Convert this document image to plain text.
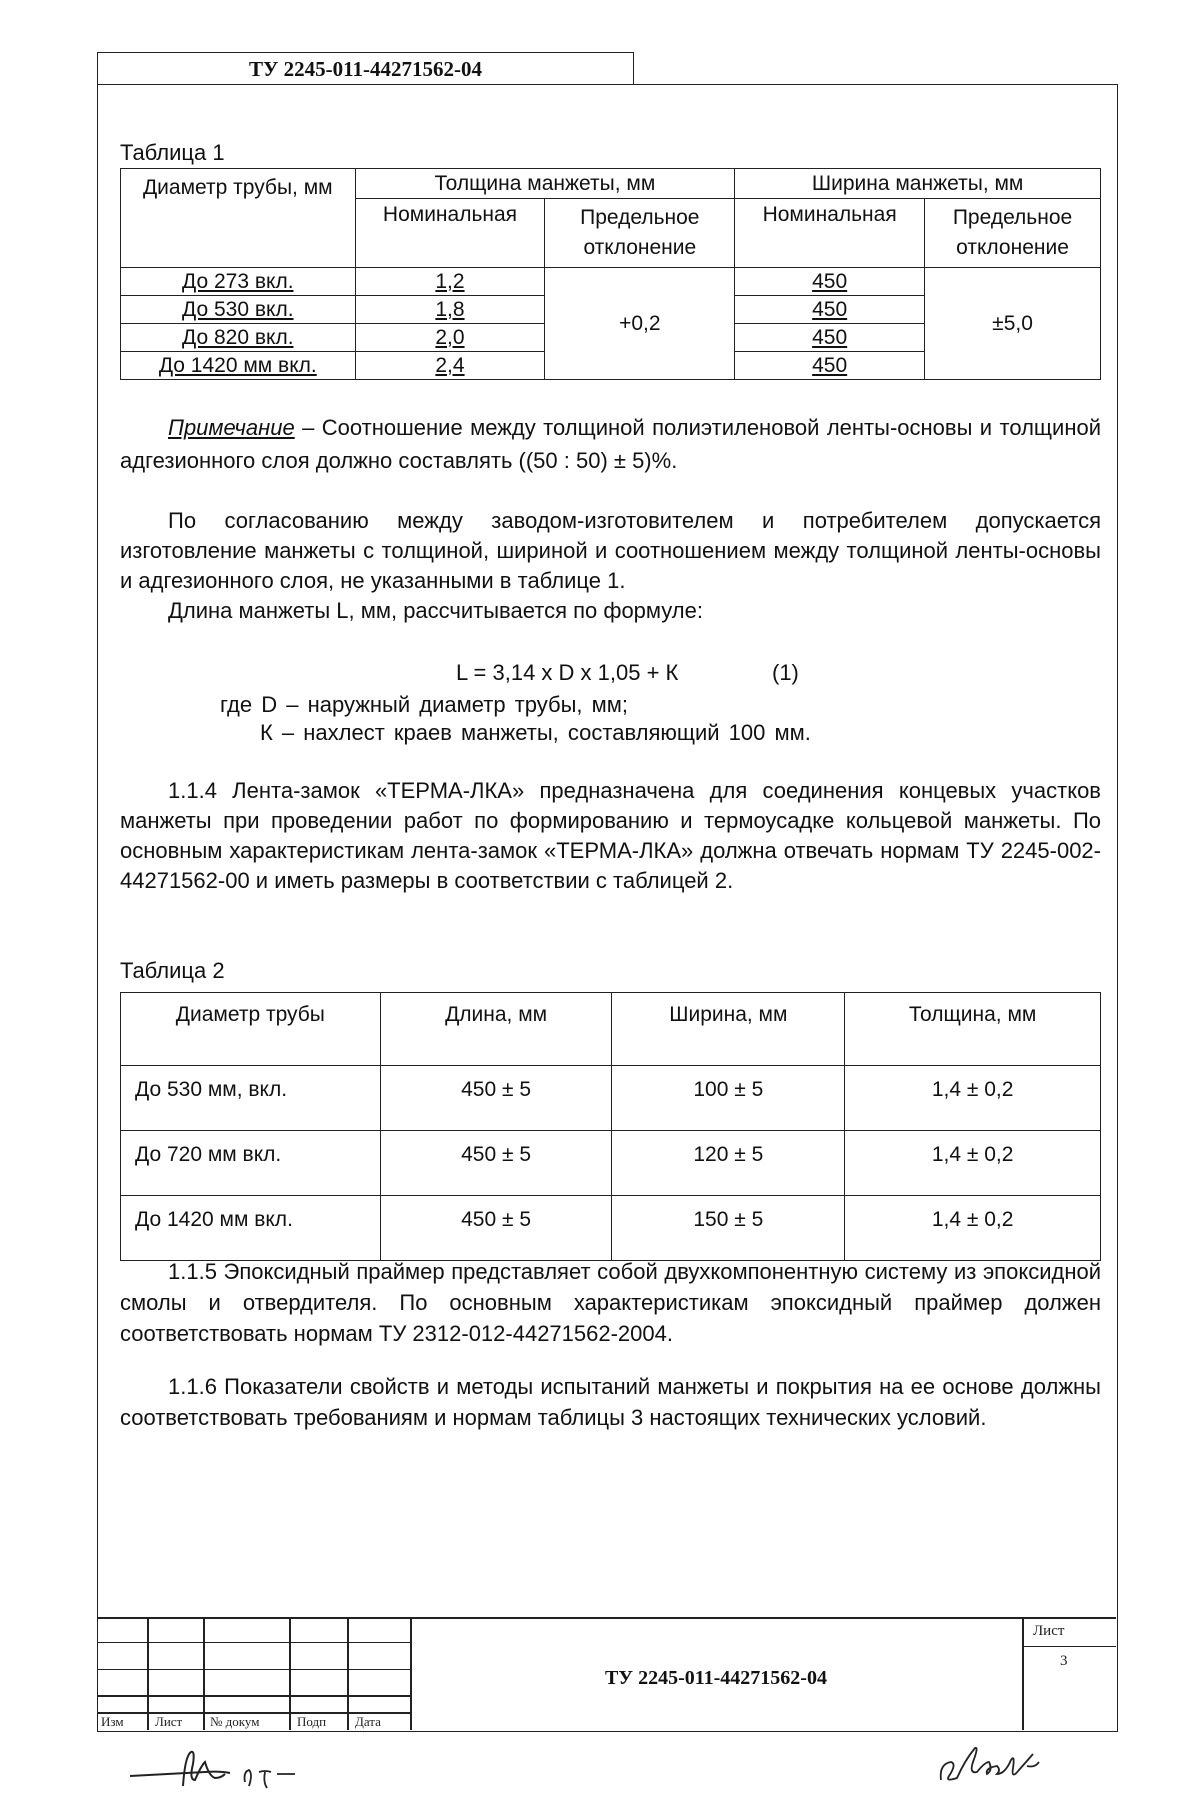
ТУ 2245-011-44271562-04
Таблица 1
Диаметр трубы, мм	Толщина манжеты, мм		Ширина манжеты, мм	
	Номинальная	Предельное отклонение	Номинальная	Предельное отклонение

До 273 вкл.	1,2	+0,2	450	±5,0
До 530 вкл.	1,8		450	
До 820 вкл.	2,0		450	
До 1420 мм вкл.	2,4		450	
Примечание – Соотношение между толщиной полиэтиленовой ленты-основы и толщиной адгезионного слоя должно составлять ((50 : 50) ± 5)%.
По согласованию между заводом-изготовителем и потребителем допускается изготовление манжеты с толщиной, шириной и соотношением между толщиной ленты-основы и адгезионного слоя, не указанными в таблице 1.
Длина манжеты L, мм, рассчитывается по формуле:
L = 3,14 х D х 1,05 + К	(1)
где D – наружный диаметр трубы, мм;
К – нахлест краев манжеты, составляющий 100 мм.
1.1.4 Лента-замок «ТЕРМА-ЛКА» предназначена для соединения концевых участков манжеты при проведении работ по формированию и термоусадке кольцевой манжеты. По основным характеристикам лента-замок «ТЕРМА-ЛКА» должна отвечать нормам ТУ 2245-002-44271562-00 и иметь размеры в соответствии с таблицей 2.
Таблица 2
Диаметр трубы	Длина, мм	Ширина, мм	Толщина, мм
До 530 мм, вкл.	450 ± 5	100 ± 5	1,4 ± 0,2
До 720 мм вкл.	450 ± 5	120 ± 5	1,4 ± 0,2
До 1420 мм вкл.	450 ± 5	150 ± 5	1,4 ± 0,2
1.1.5 Эпоксидный праймер представляет собой двухкомпонентную систему из эпоксидной смолы и отвердителя. По основным характеристикам эпоксидный праймер должен соответствовать нормам ТУ 2312-012-44271562-2004.
1.1.6 Показатели свойств и методы испытаний манжеты и покрытия на ее основе должны соответствовать требованиям и нормам таблицы 3 настоящих технических условий.
Изм Лист № докум	Подп Дата
ТУ 2245-011-44271562-04
Лист
3
